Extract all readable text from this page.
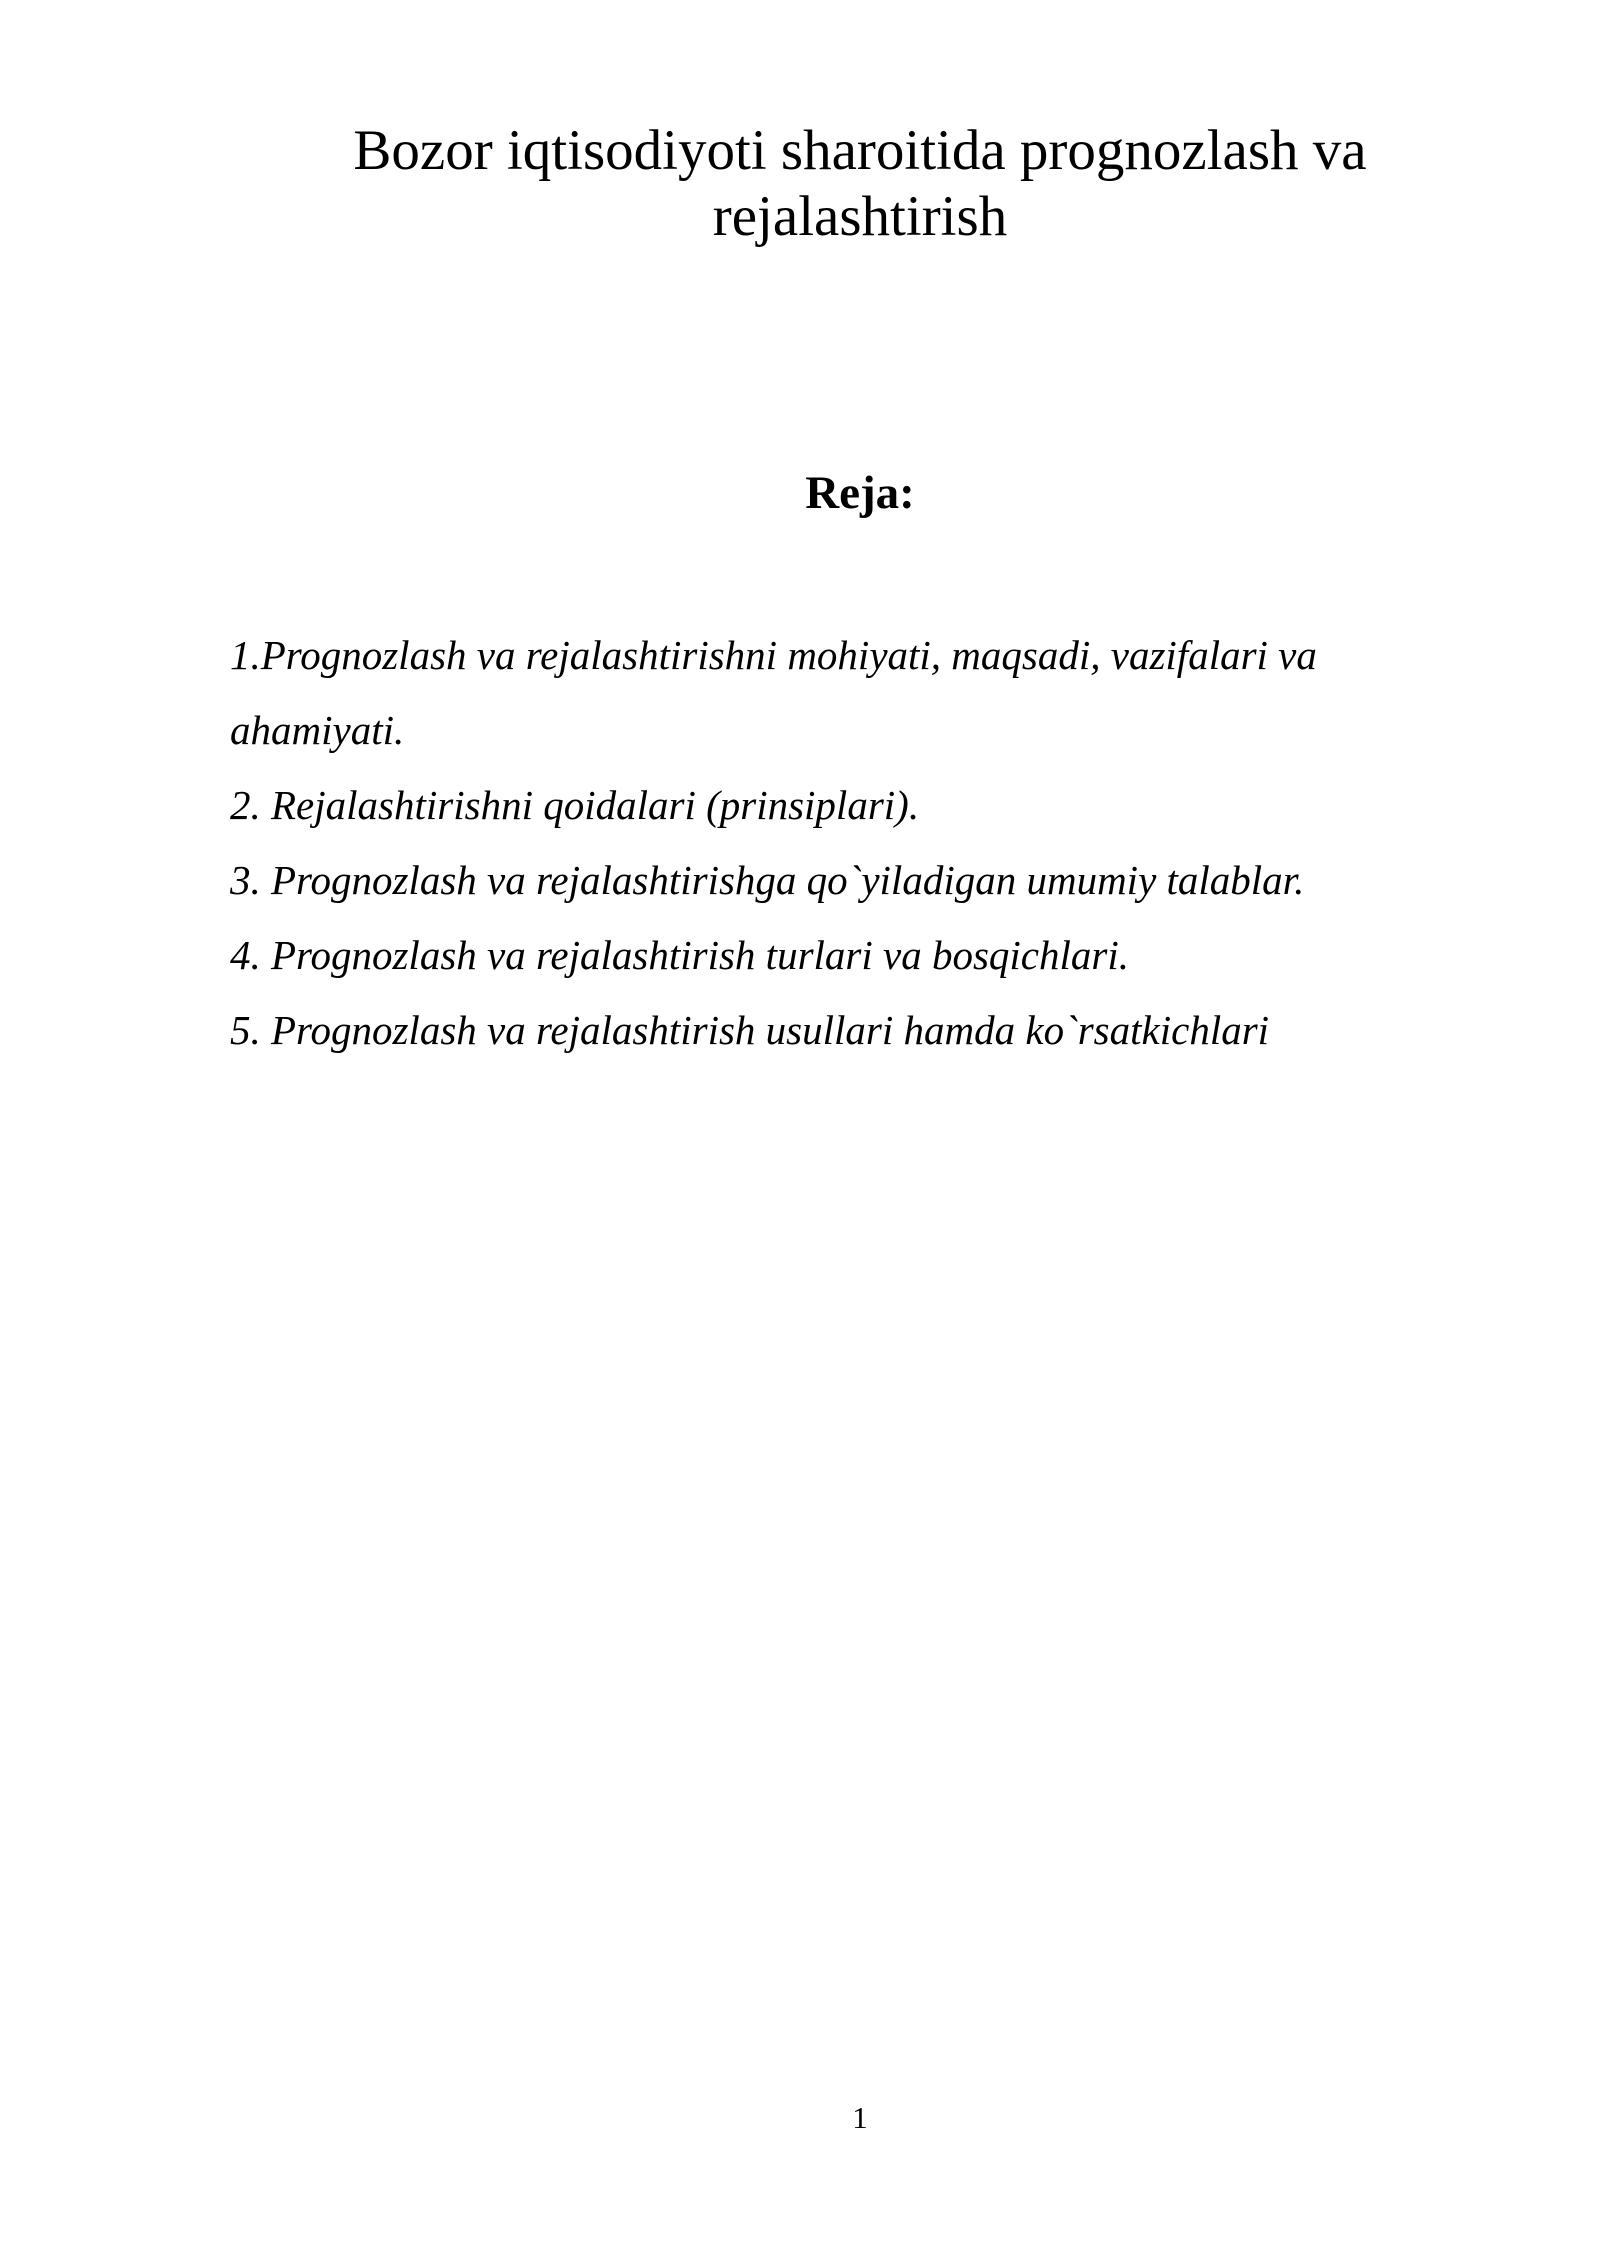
Bozor iqtisodiyoti sharoitida prognozlash va
rejalashtirish
Reja:
1.Prognozlash va rejalashtirishni mohiyati, maqsadi, vazifalari va
ahamiyati.
2. Rejalashtirishni qoidalari (prinsiplari).
3. Prognozlash va rejalashtirishga qo`yiladigan umumiy talablar.
4. Prognozlash va rejalashtirish turlari va bosqichlari.
5. Prognozlash va rejalashtirish usullari hamda ko`rsatkichlari
1
